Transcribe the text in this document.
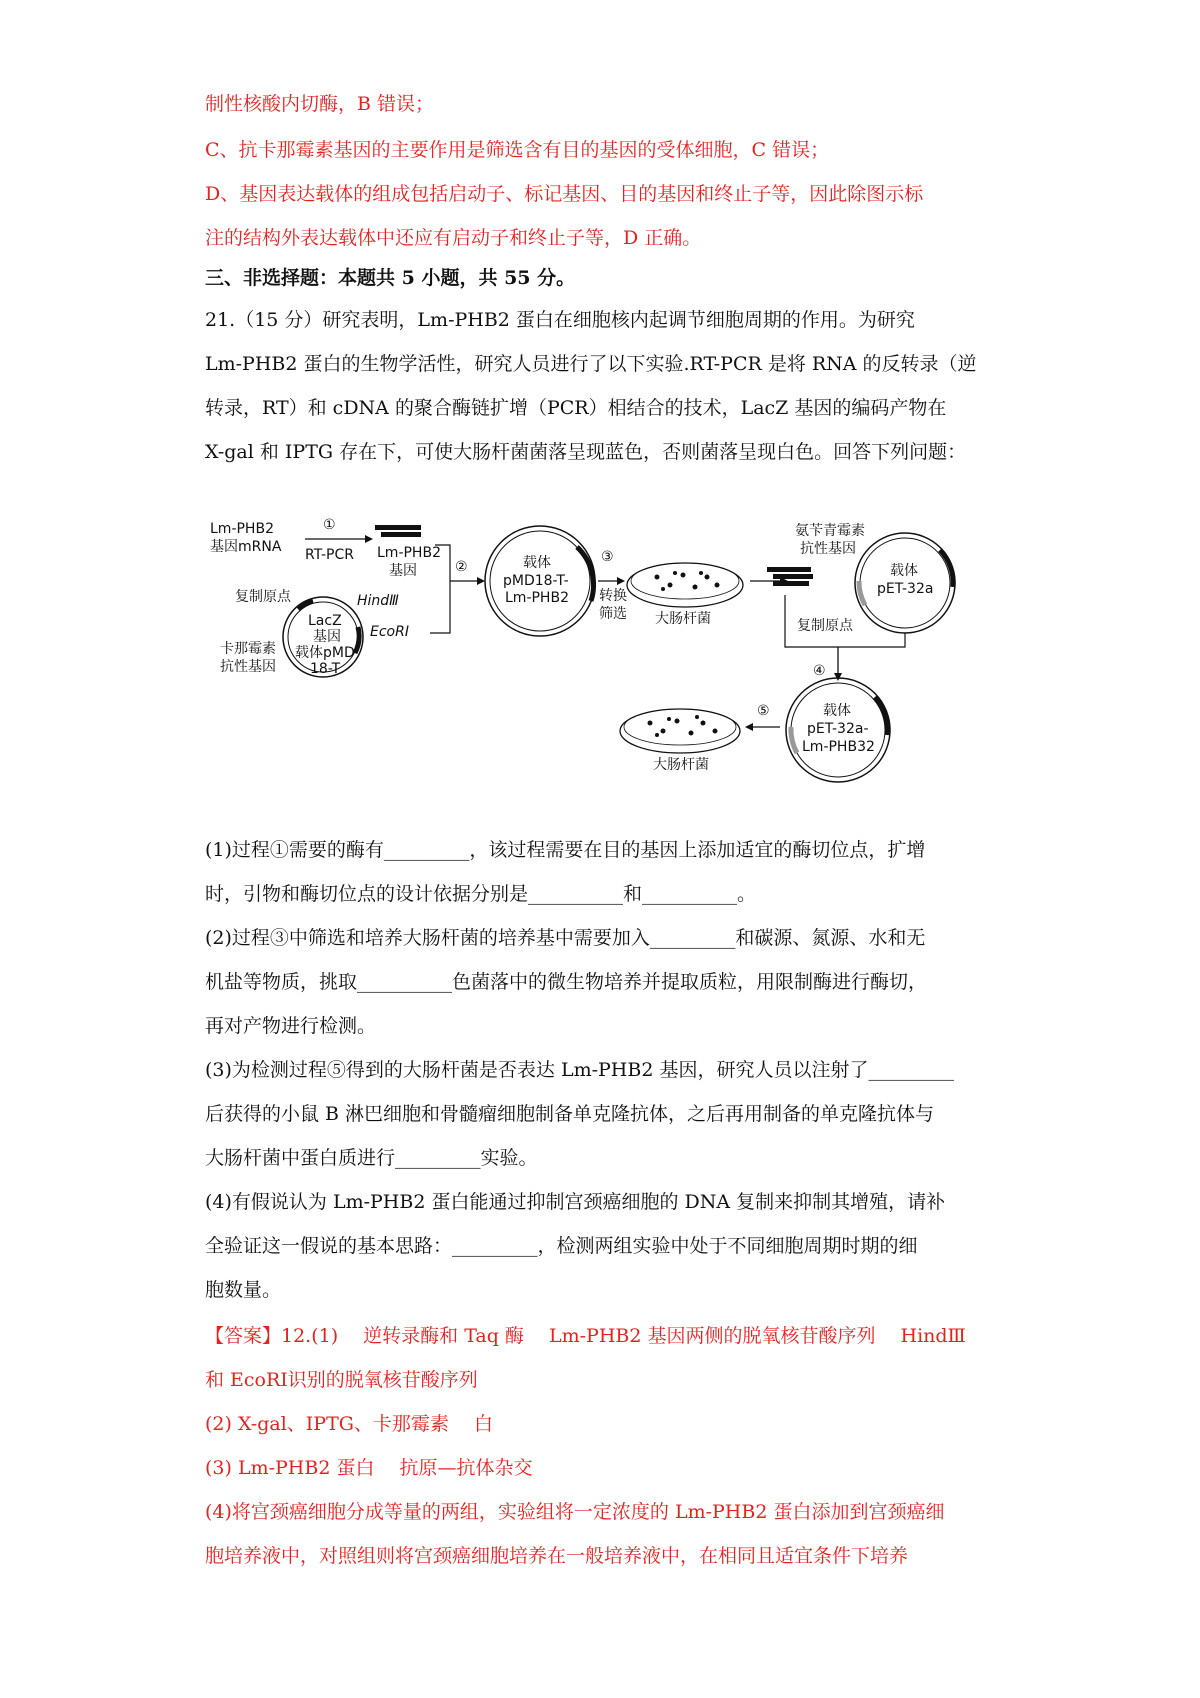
制性核酸内切酶，B 错误；
C、抗卡那霉素基因的主要作用是筛选含有目的基因的受体细胞，C 错误；
D、基因表达载体的组成包括启动子、标记基因、目的基因和终止子等，因此除图示标
注的结构外表达载体中还应有启动子和终止子等，D 正确。
三、非选择题：本题共 5 小题，共 55 分。
21.（15 分）研究表明，Lm-PHB2 蛋白在细胞核内起调节细胞周期的作用。为研究
Lm-PHB2 蛋白的生物学活性，研究人员进行了以下实验.RT-PCR 是将 RNA 的反转录（逆
转录，RT）和 cDNA 的聚合酶链扩增（PCR）相结合的技术，LacZ 基因的编码产物在
X-gal 和 IPTG 存在下，可使大肠杆菌菌落呈现蓝色，否则菌落呈现白色。回答下列问题：
Lm-PHB2
基因mRNA
①
RT-PCR Lm-PHB2
基因	②
复制原点	HindⅢ
EcoRⅠ
卡那霉素
抗性基因
LacZ
基因
载体pMD
18-T
载体
pMD18-T-
Lm-PHB2
③
转换
筛选 大肠杆菌
氨苄青霉素
抗性基因
载体
pET-32a
复制原点
④
载体
pET-32a-
Lm-PHB32
⑤
大肠杆菌
(1)过程①需要的酶有_________，该过程需要在目的基因上添加适宜的酶切位点，扩增
时，引物和酶切位点的设计依据分别是__________和__________。
(2)过程③中筛选和培养大肠杆菌的培养基中需要加入_________和碳源、氮源、水和无
机盐等物质，挑取__________色菌落中的微生物培养并提取质粒，用限制酶进行酶切，
再对产物进行检测。
(3)为检测过程⑤得到的大肠杆菌是否表达 Lm-PHB2 基因，研究人员以注射了_________
后获得的小鼠 B 淋巴细胞和骨髓瘤细胞制备单克隆抗体，之后再用制备的单克隆抗体与
大肠杆菌中蛋白质进行_________实验。
(4)有假说认为 Lm-PHB2 蛋白能通过抑制宫颈癌细胞的 DNA 复制来抑制其增殖，请补
全验证这一假说的基本思路：_________，检测两组实验中处于不同细胞周期时期的细
胞数量。
【答案】12.(1)　 逆转录酶和 Taq 酶　 Lm-PHB2 基因两侧的脱氧核苷酸序列　 HindⅢ
和 EcoRⅠ识别的脱氧核苷酸序列
(2) X-gal、IPTG、卡那霉素　 白
(3) Lm-PHB2 蛋白　 抗原—抗体杂交
(4)将宫颈癌细胞分成等量的两组，实验组将一定浓度的 Lm-PHB2 蛋白添加到宫颈癌细
胞培养液中，对照组则将宫颈癌细胞培养在一般培养液中，在相同且适宜条件下培养
